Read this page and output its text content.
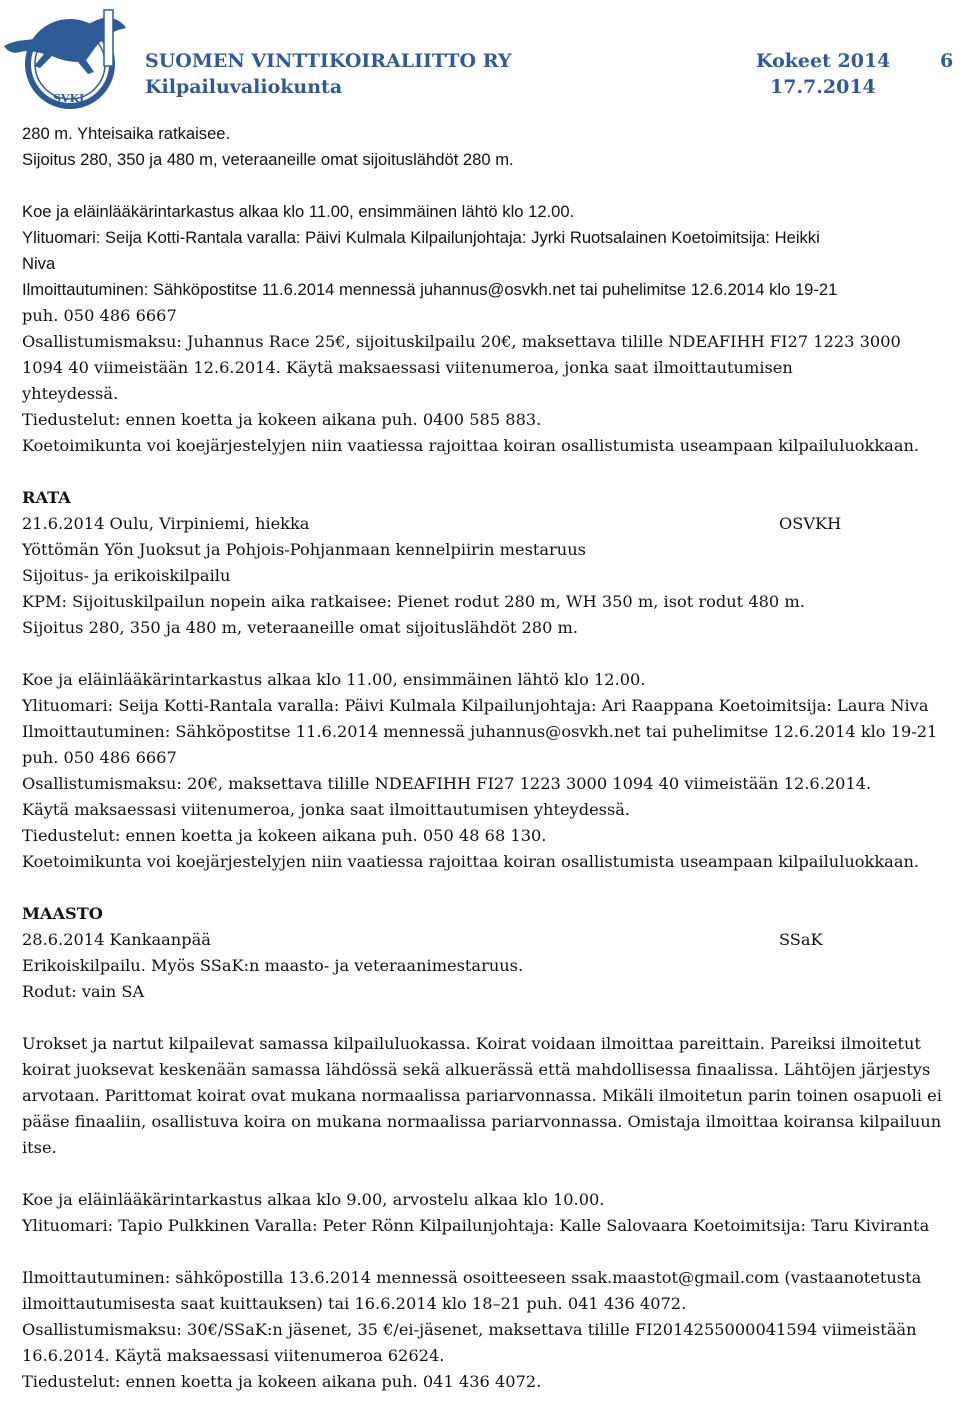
SVKL
SUOMEN VINTTIKOIRALIITTO RY
Kilpailuvaliokunta
Kokeet 2014
17.7.2014
6

280 m. Yhteisaika ratkaisee.

Sijoitus 280, 350 ja 480 m, veteraaneille omat sijoituslähdöt 280 m.

Koe ja eläinlääkärintarkastus alkaa klo 11.00, ensimmäinen lähtö klo 12.00.

Ylituomari: Seija Kotti-Rantala varalla: Päivi Kulmala Kilpailunjohtaja: Jyrki Ruotsalainen Koetoimitsija: Heikki

Niva

Ilmoittautuminen: Sähköpostitse 11.6.2014 mennessä juhannus@osvkh.net tai puhelimitse 12.6.2014 klo 19-21

puh. 050 486 6667

Osallistumismaksu: Juhannus Race 25€, sijoituskilpailu 20€, maksettava tilille NDEAFIHH FI27 1223 3000

1094 40 viimeistään 12.6.2014. Käytä maksaessasi viitenumeroa, jonka saat ilmoittautumisen

yhteydessä.

Tiedustelut: ennen koetta ja kokeen aikana puh. 0400 585 883.

Koetoimikunta voi koejärjestelyjen niin vaatiessa rajoittaa koiran osallistumista useampaan kilpailuluokkaan.

RATA

21.6.2014 Oulu, Virpiniemi, hiekka	OSVKH

Yöttömän Yön Juoksut ja Pohjois-Pohjanmaan kennelpiirin mestaruus

Sijoitus- ja erikoiskilpailu

KPM: Sijoituskilpailun nopein aika ratkaisee: Pienet rodut 280 m, WH 350 m, isot rodut 480 m.

Sijoitus 280, 350 ja 480 m, veteraaneille omat sijoituslähdöt 280 m.

Koe ja eläinlääkärintarkastus alkaa klo 11.00, ensimmäinen lähtö klo 12.00.

Ylituomari: Seija Kotti-Rantala varalla: Päivi Kulmala Kilpailunjohtaja: Ari Raappana Koetoimitsija: Laura Niva

Ilmoittautuminen: Sähköpostitse 11.6.2014 mennessä juhannus@osvkh.net tai puhelimitse 12.6.2014 klo 19-21

puh. 050 486 6667

Osallistumismaksu: 20€, maksettava tilille NDEAFIHH FI27 1223 3000 1094 40 viimeistään 12.6.2014.

Käytä maksaessasi viitenumeroa, jonka saat ilmoittautumisen yhteydessä.

Tiedustelut: ennen koetta ja kokeen aikana puh. 050 48 68 130.

Koetoimikunta voi koejärjestelyjen niin vaatiessa rajoittaa koiran osallistumista useampaan kilpailuluokkaan.

MAASTO

28.6.2014 Kankaanpää	SSaK

Erikoiskilpailu. Myös SSaK:n maasto- ja veteraanimestaruus.

Rodut: vain SA

Urokset ja nartut kilpailevat samassa kilpailuluokassa. Koirat voidaan ilmoittaa pareittain. Pareiksi ilmoitetut koirat juoksevat keskenään samassa lähdössä sekä alkuerässä että mahdollisessa finaalissa. Lähtöjen järjestys arvotaan. Parittomat koirat ovat mukana normaalissa pariarvonnassa. Mikäli ilmoitetun parin toinen osapuoli ei pääse finaaliin, osallistuva koira on mukana normaalissa pariarvonnassa. Omistaja ilmoittaa koiransa kilpailuun itse.

Koe ja eläinlääkärintarkastus alkaa klo 9.00, arvostelu alkaa klo 10.00.

Ylituomari: Tapio Pulkkinen Varalla: Peter Rönn Kilpailunjohtaja: Kalle Salovaara Koetoimitsija: Taru Kiviranta

Ilmoittautuminen: sähköpostilla 13.6.2014 mennessä osoitteeseen ssak.maastot@gmail.com (vastaanotetusta

ilmoittautumisesta saat kuittauksen) tai 16.6.2014 klo 18–21 puh. 041 436 4072.

Osallistumismaksu: 30€/SSaK:n jäsenet, 35 €/ei-jäsenet, maksettava tilille FI2014255000041594 viimeistään

16.6.2014. Käytä maksaessasi viitenumeroa 62624.

Tiedustelut: ennen koetta ja kokeen aikana puh. 041 436 4072.
